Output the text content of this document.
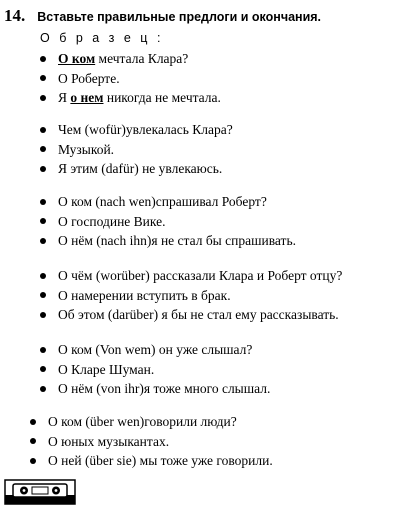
14. Вставьте правильные предлоги и окончания.
О б р а з е ц :
О ком мечтала Клара?
О Роберте.
Я о нем никогда не мечтала.
Чем (wofür)увлекалась Клара?
Музыкой.
Я этим (dafür) не увлекаюсь.
О ком (nach wen)спрашивал Роберт?
О господине Вике.
О нём (nach ihn)я не стал бы спрашивать.
О чём (worüber) рассказали Клара и Роберт отцу?
О намерении вступить в брак.
Об этом (darüber) я бы не стал ему рассказывать.
О ком (Von wem) он уже слышал?
О Кларе Шуман.
О нём (von ihr)я тоже много слышал.
О ком (über wen)говорили люди?
О юных музыкантах.
О ней (über sie) мы тоже уже говорили.
